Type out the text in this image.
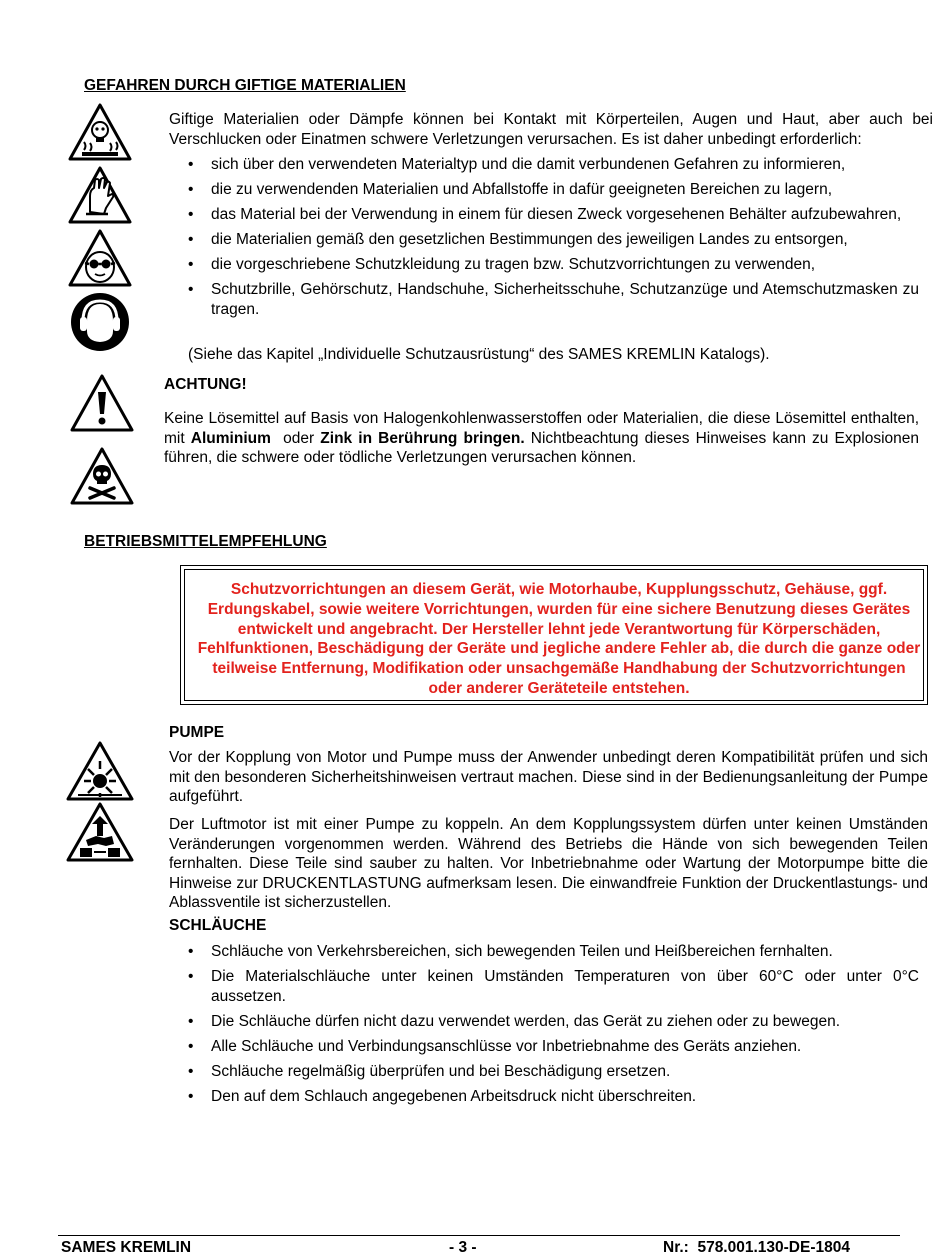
GEFAHREN DURCH GIFTIGE MATERIALIEN
Giftige Materialien oder Dämpfe können bei Kontakt mit Körperteilen, Augen und Haut, aber auch bei Verschlucken oder Einatmen schwere Verletzungen verursachen. Es ist daher unbedingt erforderlich:
• sich über den verwendeten Materialtyp und die damit verbundenen Gefahren zu informieren,
• die zu verwendenden Materialien und Abfallstoffe in dafür geeigneten Bereichen zu lagern,
• das Material bei der Verwendung in einem für diesen Zweck vorgesehenen Behälter aufzubewahren,
• die Materialien gemäß den gesetzlichen Bestimmungen des jeweiligen Landes zu entsorgen,
• die vorgeschriebene Schutzkleidung zu tragen bzw. Schutzvorrichtungen zu verwenden,
• Schutzbrille, Gehörschutz, Handschuhe, Sicherheitsschuhe, Schutzanzüge und Atemschutzmasken zu tragen.
(Siehe das Kapitel „Individuelle Schutzausrüstung“ des SAMES KREMLIN Katalogs).
ACHTUNG!
Keine Lösemittel auf Basis von Halogenkohlenwasserstoffen oder Materialien, die diese Lösemittel enthalten, mit Aluminium  oder Zink in Berührung bringen. Nichtbeachtung dieses Hinweises kann zu Explosionen führen, die schwere oder tödliche Verletzungen verursachen können.
BETRIEBSMITTELEMPFEHLUNG
Schutzvorrichtungen an diesem Gerät, wie Motorhaube, Kupplungsschutz, Gehäuse, ggf. Erdungskabel, sowie weitere Vorrichtungen, wurden für eine sichere Benutzung dieses Gerätes entwickelt und angebracht. Der Hersteller lehnt jede Verantwortung für Körperschäden, Fehlfunktionen, Beschädigung der Geräte und jegliche andere Fehler ab, die durch die ganze oder teilweise Entfernung, Modifikation oder unsachgemäße Handhabung der Schutzvorrichtungen oder anderer Geräteteile entstehen.
PUMPE
Vor der Kopplung von Motor und Pumpe muss der Anwender unbedingt deren Kompatibilität prüfen und sich mit den besonderen Sicherheitshinweisen vertraut machen. Diese sind in der Bedienungsanleitung der Pumpe aufgeführt.
Der Luftmotor ist mit einer Pumpe zu koppeln. An dem Kopplungssystem dürfen unter keinen Umständen Veränderungen vorgenommen werden. Während des Betriebs die Hände von sich bewegenden Teilen fernhalten. Diese Teile sind sauber zu halten. Vor Inbetriebnahme oder Wartung der Motorpumpe bitte die Hinweise zur DRUCKENTLASTUNG aufmerksam lesen. Die einwandfreie Funktion der Druckentlastungs- und Ablassventile ist sicherzustellen.
SCHLÄUCHE
• Schläuche von Verkehrsbereichen, sich bewegenden Teilen und Heißbereichen fernhalten.
• Die Materialschläuche unter keinen Umständen Temperaturen von über 60°C oder unter 0°C aussetzen.
• Die Schläuche dürfen nicht dazu verwendet werden, das Gerät zu ziehen oder zu bewegen.
• Alle Schläuche und Verbindungsanschlüsse vor Inbetriebnahme des Geräts anziehen.
• Schläuche regelmäßig überprüfen und bei Beschädigung ersetzen.
• Den auf dem Schlauch angegebenen Arbeitsdruck nicht überschreiten.
SAMES KREMLIN	- 3 -	Nr.:  578.001.130-DE-1804
